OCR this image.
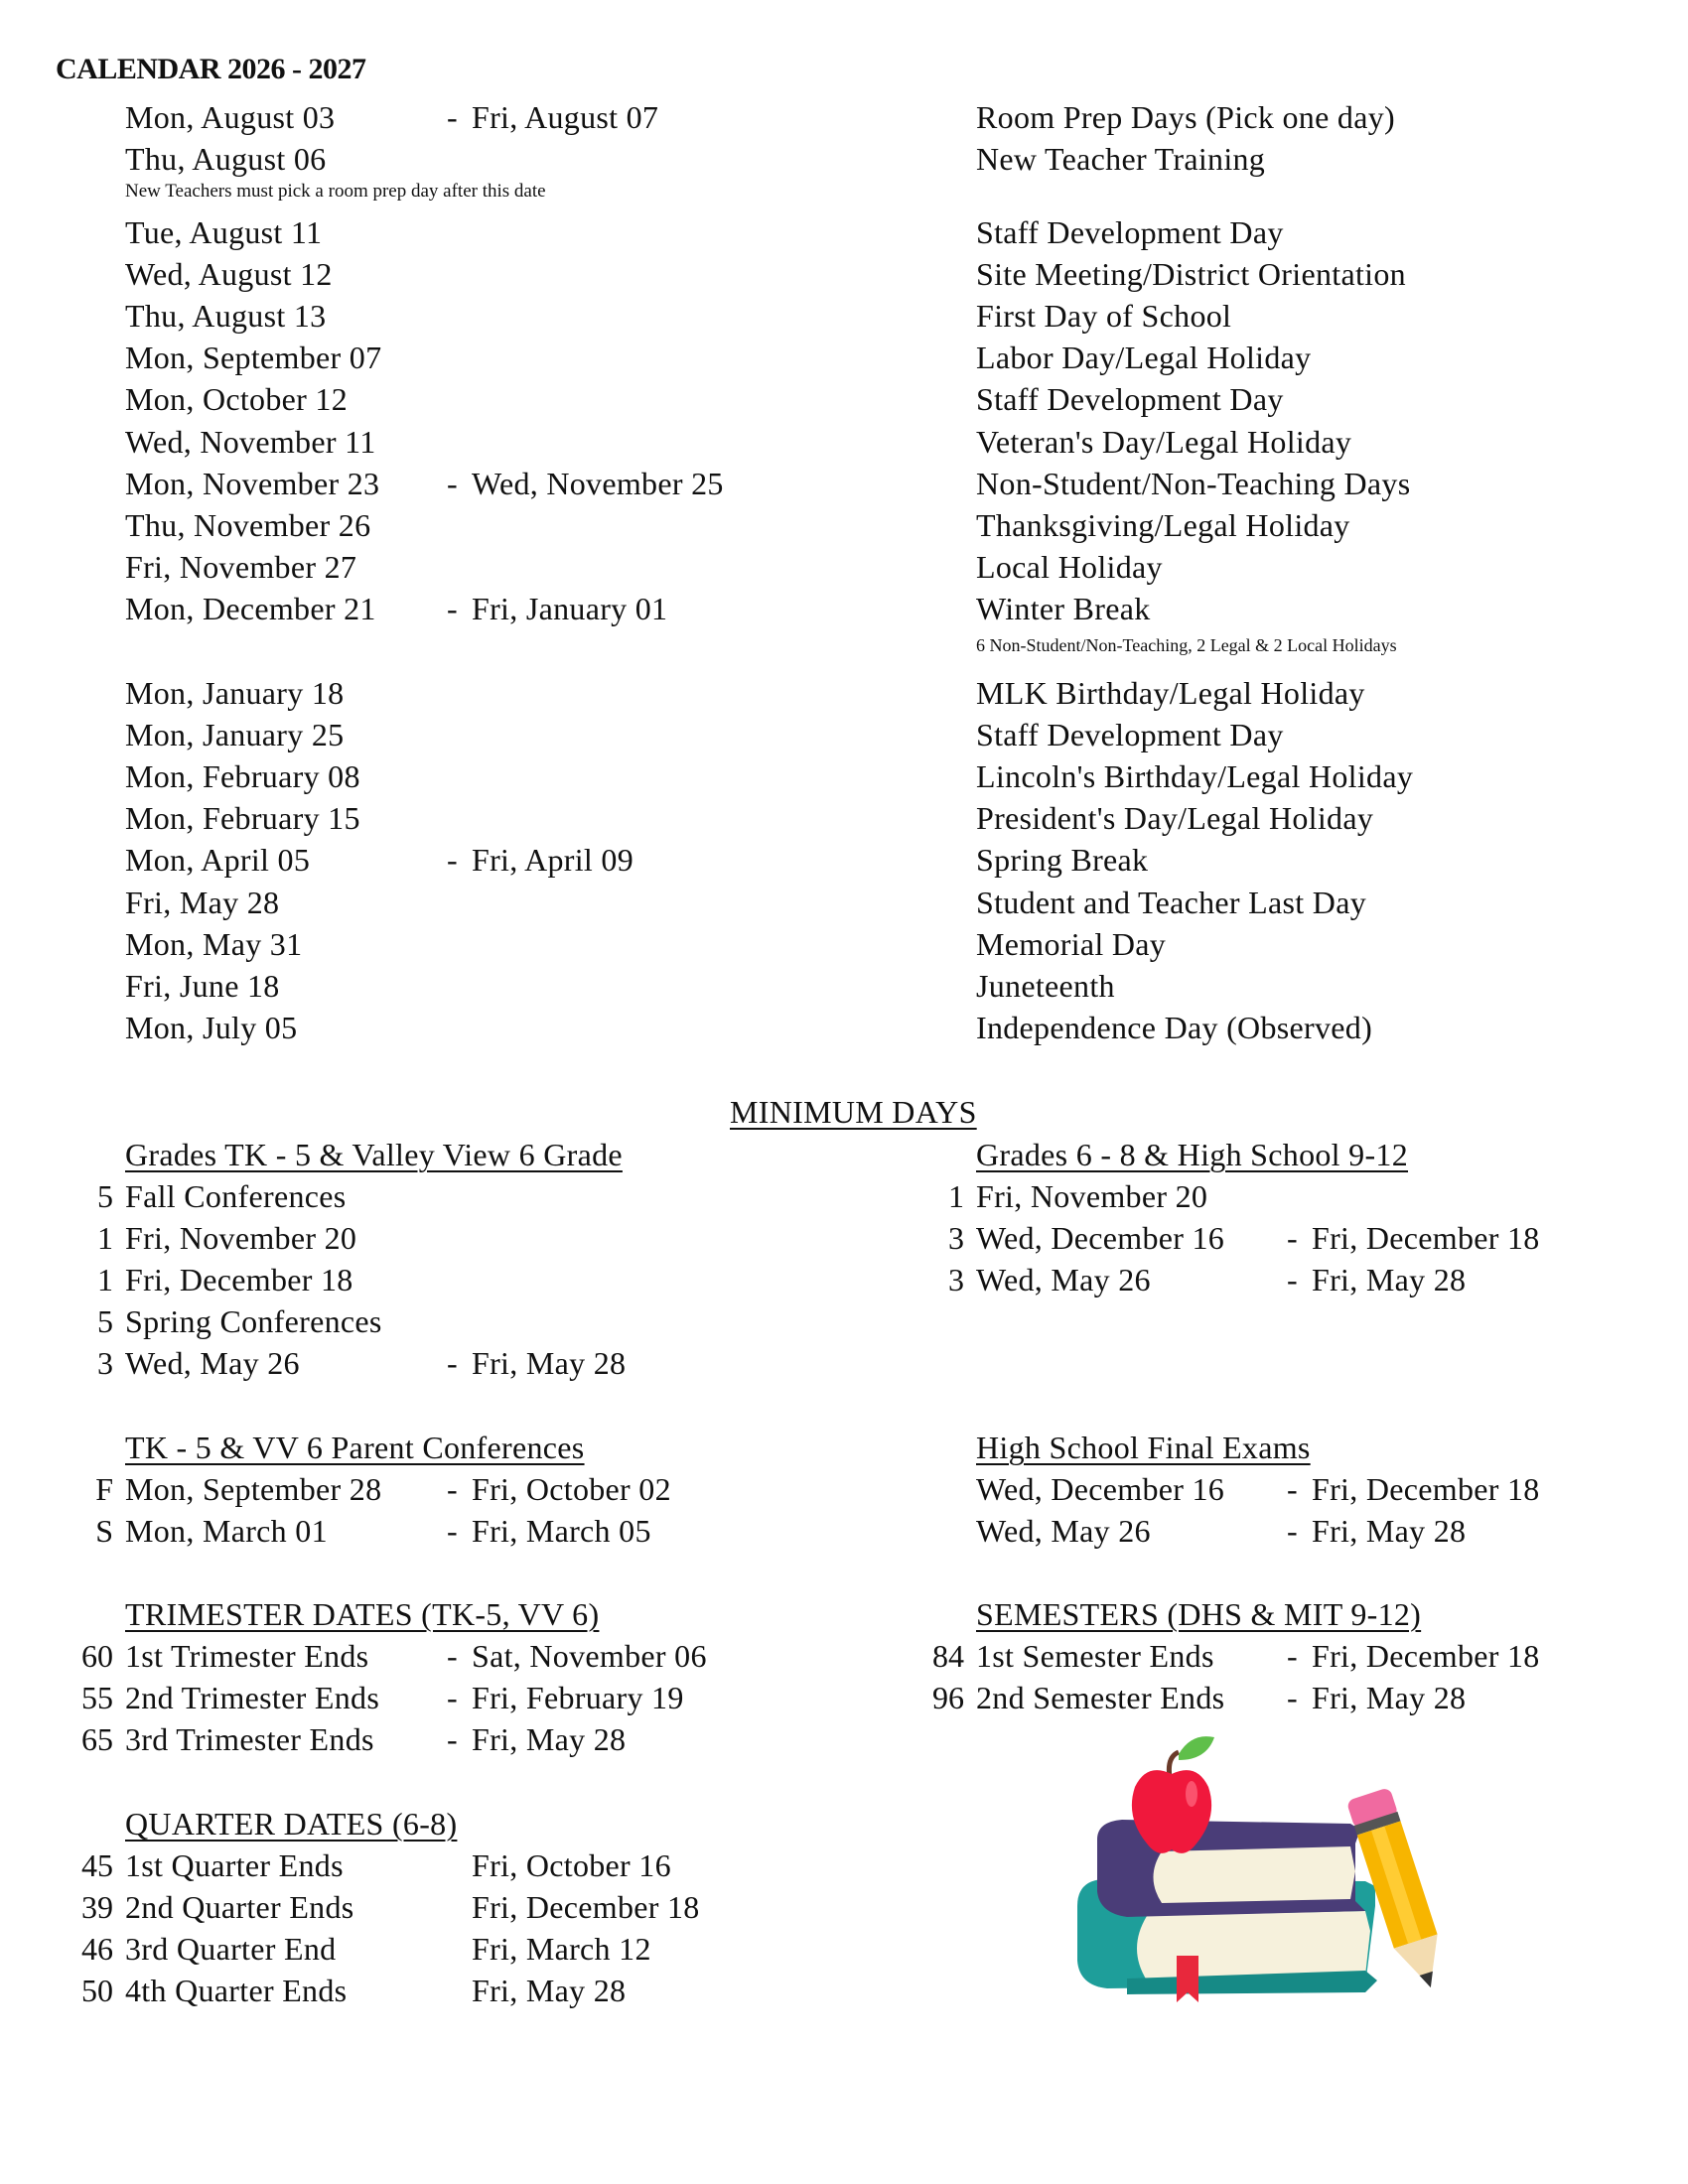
CALENDAR 2026 - 2027
Mon, August 03	- Fri, August 07	Room Prep Days (Pick one day)
Thu, August 06	New Teacher Training
Tue, August 11	Staff Development Day
Wed, August 12	Site Meeting/District Orientation
Thu, August 13	First Day of School
Mon, September 07	Labor Day/Legal Holiday
Mon, October 12	Staff Development Day
Wed, November 11	Veteran's Day/Legal Holiday
Mon, November 23 - Wed, November 25	Non-Student/Non-Teaching Days
Thu, November 26	Thanksgiving/Legal Holiday
Fri, November 27	Local Holiday
Mon, December 21 - Fri, January 01	Winter Break
Mon, January 18	MLK Birthday/Legal Holiday
Mon, January 25	Staff Development Day
Mon, February 08	Lincoln's Birthday/Legal Holiday
Mon, February 15	President's Day/Legal Holiday
Mon, April 05	- Fri, April 09	Spring Break
Fri, May 28	Student and Teacher Last Day
Mon, May 31	Memorial Day
Fri, June 18	Juneteenth
Mon, July 05	Independence Day (Observed)
New Teachers must pick a room prep day after this date
6 Non-Student/Non-Teaching, 2 Legal & 2 Local Holidays
MINIMUM DAYS
Grades TK - 5 & Valley View 6 Grade
5 Fall Conferences
1 Fri, November 20
1 Fri, December 18
5 Spring Conferences
3 Wed, May 26	- Fri, May 28
Grades 6 - 8 & High School 9-12
1 Fri, November 20
3 Wed, December 16 - Fri, December 18
3 Wed, May 26	- Fri, May 28
TK - 5 & VV 6 Parent Conferences
F Mon, September 28 - Fri, October 02
S Mon, March 01	- Fri, March 05
High School Final Exams
Wed, December 16 - Fri, December 18
Wed, May 26	- Fri, May 28
TRIMESTER DATES (TK-5, VV 6)
60 1st Trimester Ends - Sat, November 06
55 2nd Trimester Ends - Fri, February 19
65 3rd Trimester Ends - Fri, May 28
SEMESTERS (DHS & MIT 9-12)
84 1st Semester Ends - Fri, December 18
96 2nd Semester Ends - Fri, May 28
QUARTER DATES (6-8)
45 1st Quarter Ends	Fri, October 16
39 2nd Quarter Ends	Fri, December 18
46 3rd Quarter End	Fri, March 12
50 4th Quarter Ends	Fri, May 28
